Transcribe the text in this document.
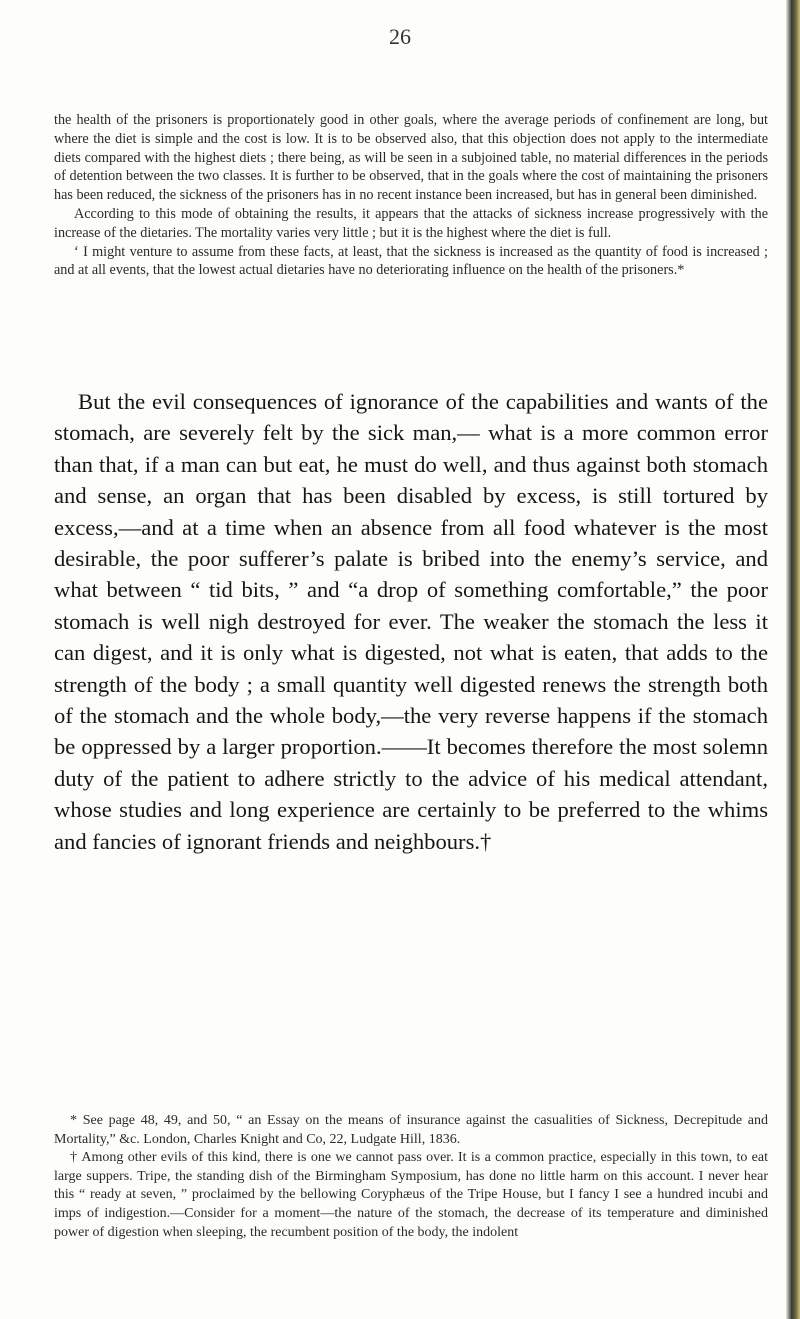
26

the health of the prisoners is proportionately good in other goals, where the average periods of confinement are long, but where the diet is simple and the cost is low. It is to be observed also, that this objection does not apply to the intermediate diets compared with the highest diets ; there being, as will be seen in a subjoined table, no material differences in the periods of detention between the two classes. It is further to be observed, that in the goals where the cost of maintaining the prisoners has been reduced, the sickness of the prisoners has in no recent instance been increased, but has in general been diminished.

According to this mode of obtaining the results, it appears that the attacks of sickness increase progressively with the increase of the dietaries. The mortality varies very little ; but it is the highest where the diet is full.

‘ I might venture to assume from these facts, at least, that the sickness is increased as the quantity of food is increased ; and at all events, that the lowest actual dietaries have no deteriorating influence on the health of the prisoners.*

But the evil consequences of ignorance of the capabilities and wants of the stomach, are severely felt by the sick man,— what is a more common error than that, if a man can but eat, he must do well, and thus against both stomach and sense, an organ that has been disabled by excess, is still tortured by excess,—and at a time when an absence from all food whatever is the most desirable, the poor sufferer’s palate is bribed into the enemy’s service, and what between “ tid bits, ” and “a drop of something comfortable,” the poor stomach is well nigh destroyed for ever. The weaker the stomach the less it can digest, and it is only what is digested, not what is eaten, that adds to the strength of the body ; a small quantity well digested renews the strength both of the stomach and the whole body,—the very reverse happens if the stomach be oppressed by a larger proportion.——It becomes therefore the most solemn duty of the patient to adhere strictly to the advice of his medical attendant, whose studies and long experience are certainly to be preferred to the whims and fancies of ignorant friends and neighbours.†

* See page 48, 49, and 50, “ an Essay on the means of insurance against the casualities of Sickness, Decrepitude and Mortality,” &c. London, Charles Knight and Co, 22, Ludgate Hill, 1836.

† Among other evils of this kind, there is one we cannot pass over. It is a common practice, especially in this town, to eat large suppers. Tripe, the standing dish of the Birmingham Symposium, has done no little harm on this account. I never hear this “ ready at seven, ” proclaimed by the bellowing Coryphæus of the Tripe House, but I fancy I see a hundred incubi and imps of indigestion.—Consider for a moment—the nature of the stomach, the decrease of its temperature and diminished power of digestion when sleeping, the recumbent position of the body, the indolent
